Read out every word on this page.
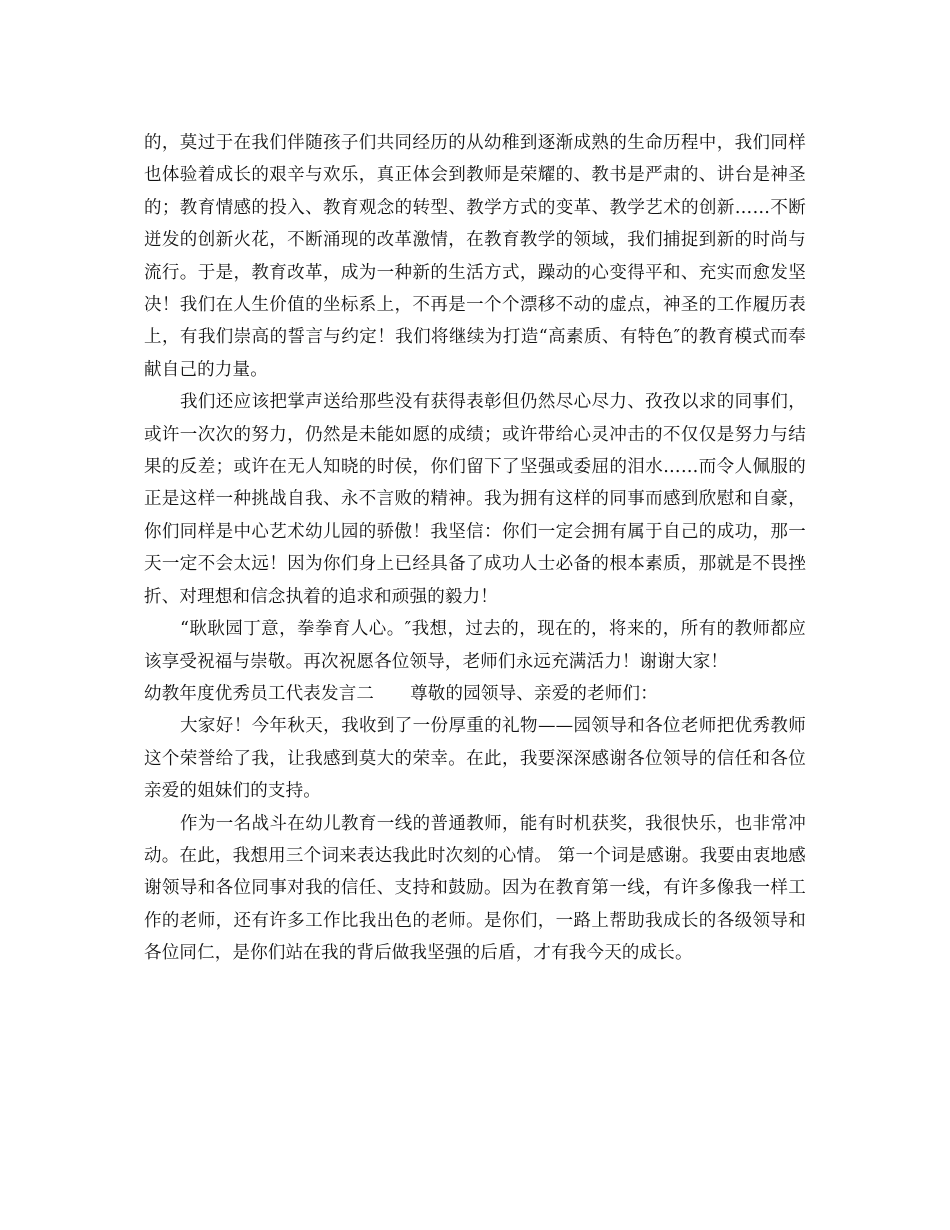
的，莫过于在我们伴随孩子们共同经历的从幼稚到逐渐成熟的生命历程中，我们同样也体验着成长的艰辛与欢乐，真正体会到教师是荣耀的、教书是严肃的、讲台是神圣的；教育情感的投入、教育观念的转型、教学方式的变革、教学艺术的创新……不断迸发的创新火花，不断涌现的改革激情，在教育教学的领域，我们捕捉到新的时尚与流行。于是，教育改革，成为一种新的生活方式，躁动的心变得平和、充实而愈发坚决！我们在人生价值的坐标系上，不再是一个个漂移不动的虚点，神圣的工作履历表上，有我们崇高的誓言与约定！我们将继续为打造“高素质、有特色″的教育模式而奉献自己的力量。

我们还应该把掌声送给那些没有获得表彰但仍然尽心尽力、孜孜以求的同事们，或许一次次的努力，仍然是未能如愿的成绩；或许带给心灵冲击的不仅仅是努力与结果的反差；或许在无人知晓的时侯，你们留下了坚强或委屈的泪水……而令人佩服的正是这样一种挑战自我、永不言败的精神。我为拥有这样的同事而感到欣慰和自豪，你们同样是中心艺术幼儿园的骄傲！我坚信：你们一定会拥有属于自己的成功，那一天一定不会太远！因为你们身上已经具备了成功人士必备的根本素质，那就是不畏挫折、对理想和信念执着的追求和顽强的毅力！

“耿耿园丁意，拳拳育人心。″我想，过去的，现在的，将来的，所有的教师都应该享受祝福与崇敬。再次祝愿各位领导，老师们永远充满活力！谢谢大家！

幼教年度优秀员工代表发言二 尊敬的园领导、亲爱的老师们：

大家好！今年秋天，我收到了一份厚重的礼物——园领导和各位老师把优秀教师这个荣誉给了我，让我感到莫大的荣幸。在此，我要深深感谢各位领导的信任和各位亲爱的姐妹们的支持。

作为一名战斗在幼儿教育一线的普通教师，能有时机获奖，我很快乐，也非常冲动。在此，我想用三个词来表达我此时次刻的心情。 第一个词是感谢。我要由衷地感谢领导和各位同事对我的信任、支持和鼓励。因为在教育第一线，有许多像我一样工作的老师，还有许多工作比我出色的老师。是你们，一路上帮助我成长的各级领导和各位同仁，是你们站在我的背后做我坚强的后盾，才有我今天的成长。
